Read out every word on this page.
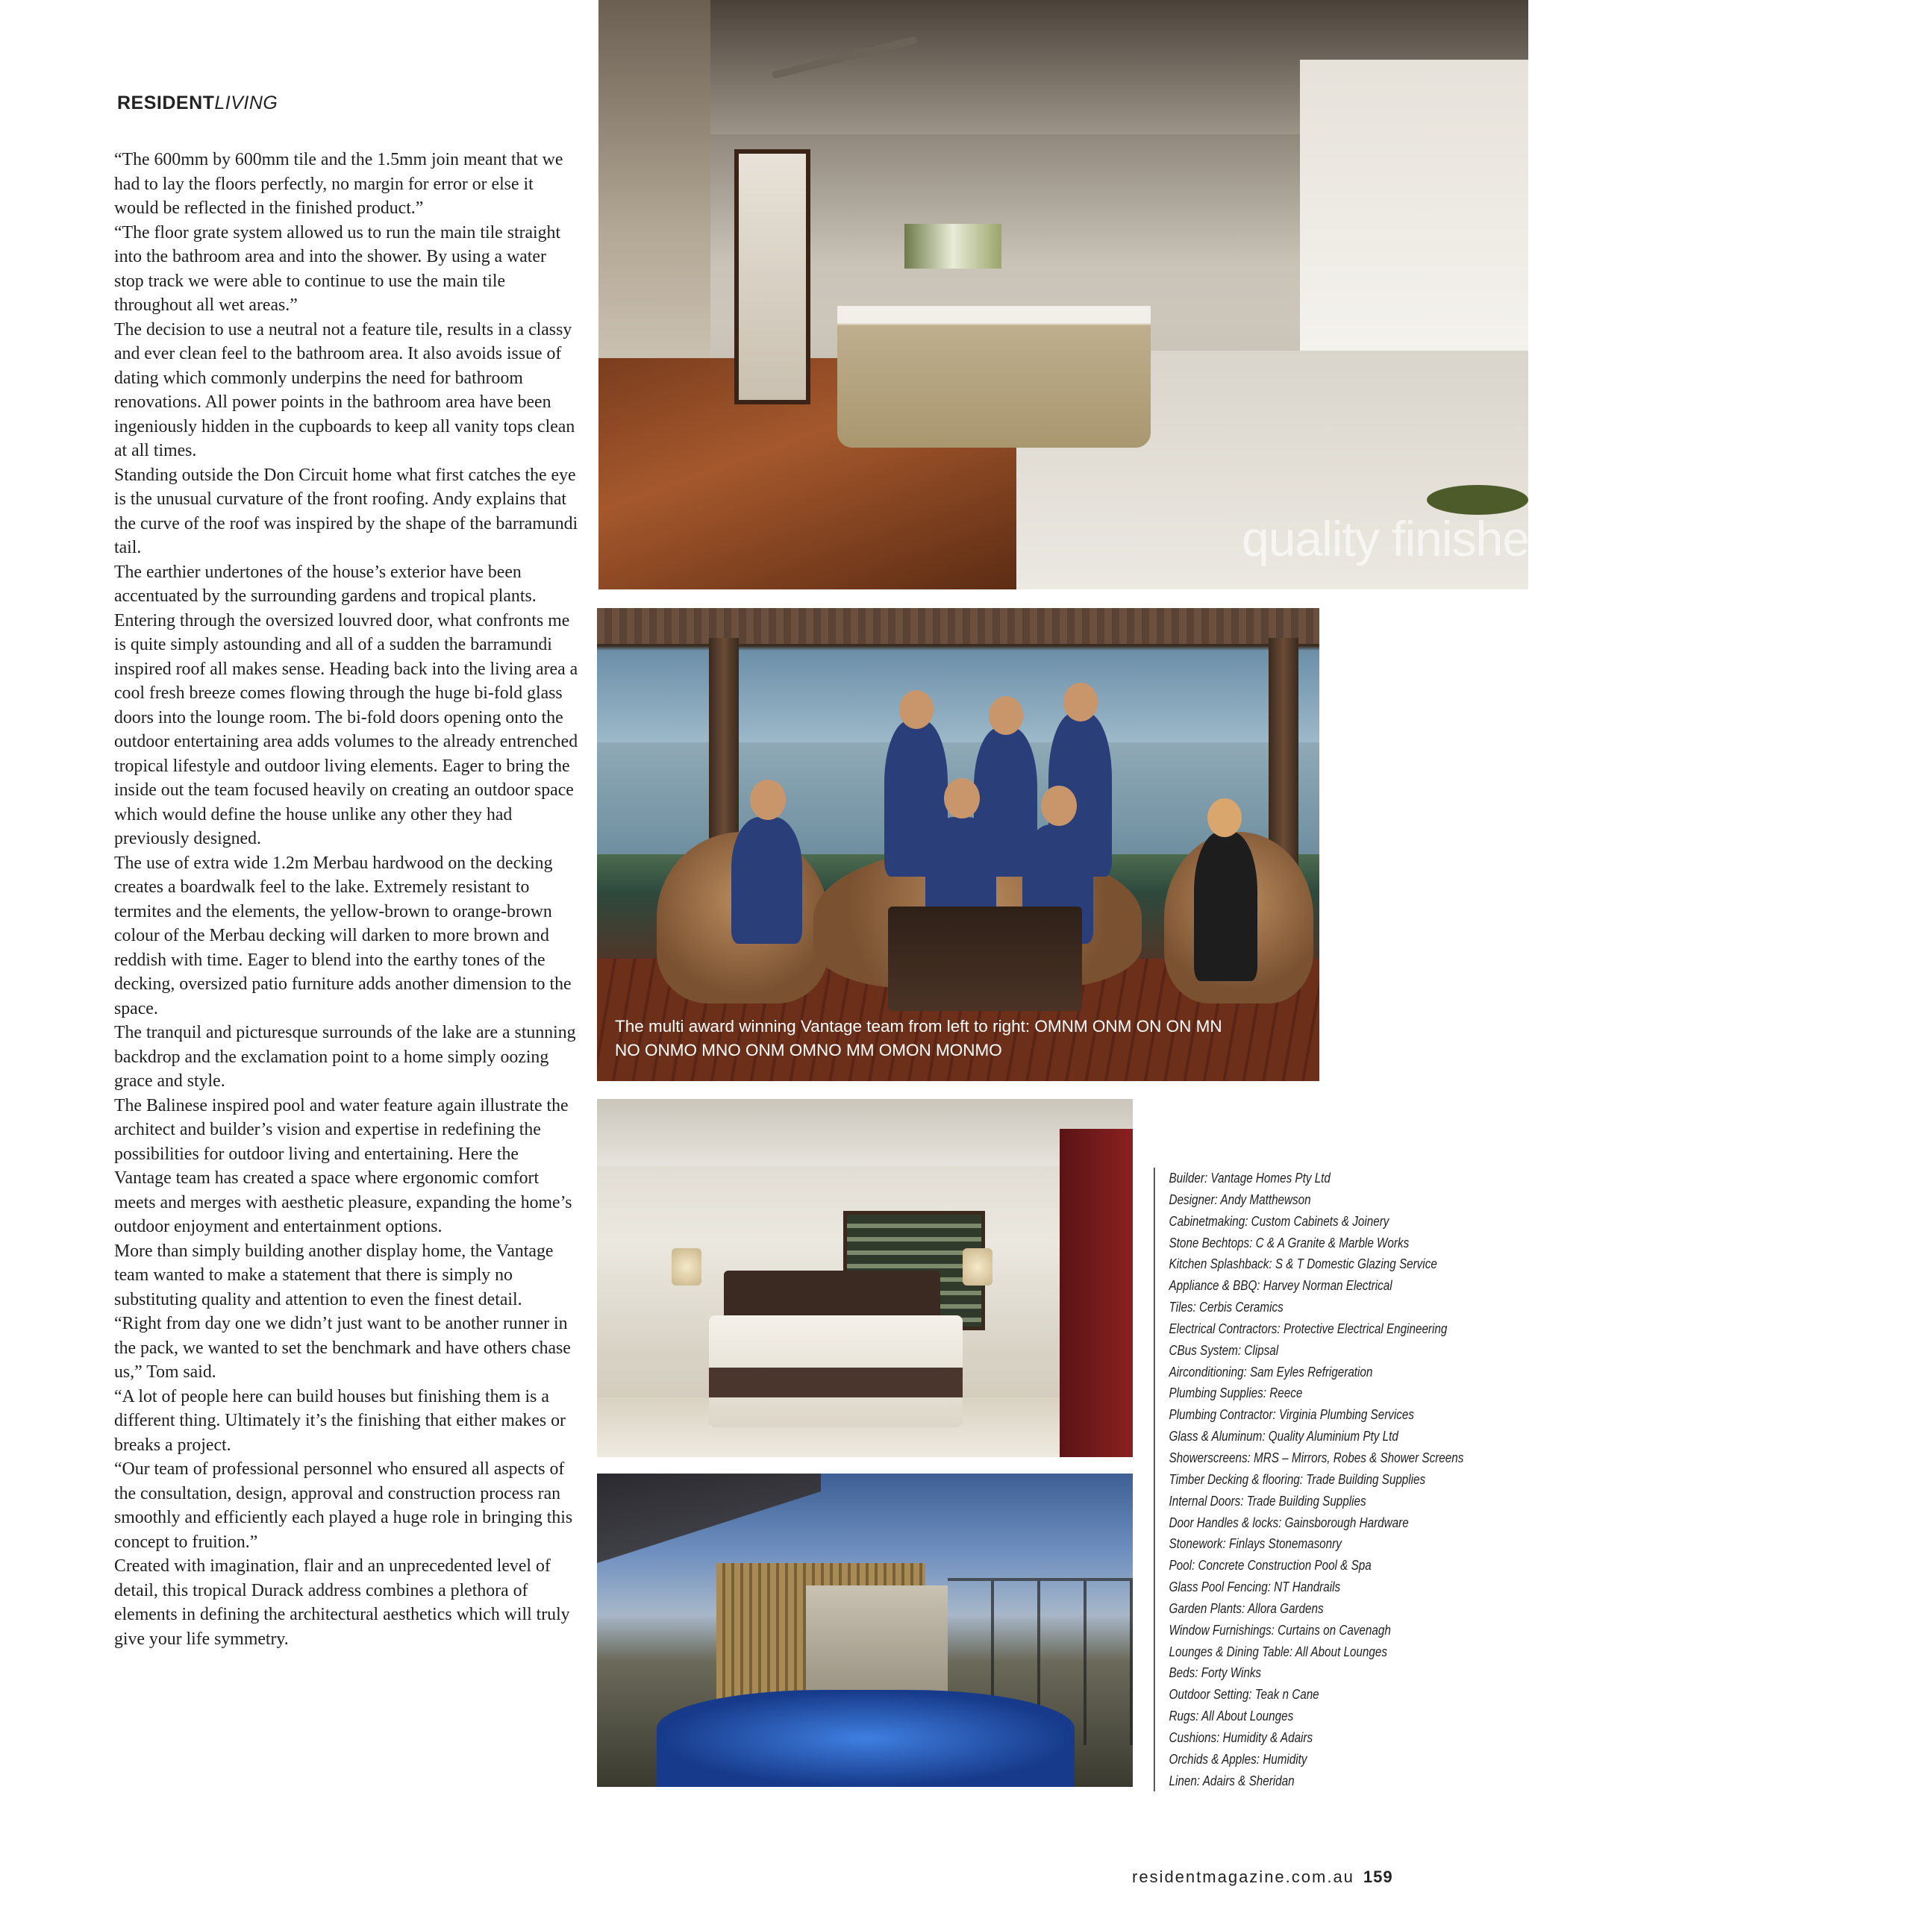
RESIDENTLIVING

“The 600mm by 600mm tile and the 1.5mm join meant that we had to lay the floors perfectly, no margin for error or else it would be reflected in the finished product.”

“The floor grate system allowed us to run the main tile straight into the bathroom area and into the shower. By using a water stop track we were able to continue to use the main tile throughout all wet areas.”

The decision to use a neutral not a feature tile, results in a classy and ever clean feel to the bathroom area. It also avoids issue of dating which commonly underpins the need for bathroom renovations. All power points in the bathroom area have been ingeniously hidden in the cupboards to keep all vanity tops clean at all times.

Standing outside the Don Circuit home what first catches the eye is the unusual curvature of the front roofing. Andy explains that the curve of the roof was inspired by the shape of the barramundi tail.

The earthier undertones of the house’s exterior have been accentuated by the surrounding gardens and tropical plants.

Entering through the oversized louvred door, what confronts me is quite simply astounding and all of a sudden the barramundi inspired roof all makes sense. Heading back into the living area a cool fresh breeze comes flowing through the huge bi-fold glass doors into the lounge room. The bi-fold doors opening onto the outdoor entertaining area adds volumes to the already entrenched tropical lifestyle and outdoor living elements. Eager to bring the inside out the team focused heavily on creating an outdoor space which would define the house unlike any other they had previously designed.

The use of extra wide 1.2m Merbau hardwood on the decking creates a boardwalk feel to the lake. Extremely resistant to termites and the elements, the yellow-brown to orange-brown colour of the Merbau decking will darken to more brown and reddish with time. Eager to blend into the earthy tones of the decking, oversized patio furniture adds another dimension to the space.

The tranquil and picturesque surrounds of the lake are a stunning backdrop and the exclamation point to a home simply oozing grace and style.

The Balinese inspired pool and water feature again illustrate the architect and builder’s vision and expertise in redefining the possibilities for outdoor living and entertaining. Here the Vantage team has created a space where ergonomic comfort meets and merges with aesthetic pleasure, expanding the home’s outdoor enjoyment and entertainment options.

More than simply building another display home, the Vantage team wanted to make a statement that there is simply no substituting quality and attention to even the finest detail.

“Right from day one we didn’t just want to be another runner in the pack, we wanted to set the benchmark and have others chase us,” Tom said.

“A lot of people here can build houses but finishing them is a different thing. Ultimately it’s the finishing that either makes or breaks a project.

“Our team of professional personnel who ensured all aspects of the consultation, design, approval and construction process ran smoothly and efficiently each played a huge role in bringing this concept to fruition.”

Created with imagination, flair and an unprecedented level of detail, this tropical Durack address combines a plethora of elements in defining the architectural aesthetics which will truly give your life symmetry.

quality finishes and craftmanship
The multi award winning Vantage team from left to right: OMNM ONM ON ON MN
NO ONMO MNO ONM OMNO MM OMON MONMO
Builder: Vantage Homes Pty Ltd
Designer: Andy Matthewson
Cabinetmaking: Custom Cabinets & Joinery
Stone Bechtops: C & A Granite & Marble Works
Kitchen Splashback: S & T Domestic Glazing Service
Appliance & BBQ: Harvey Norman Electrical
Tiles: Cerbis Ceramics
Electrical Contractors: Protective Electrical Engineering
CBus System: Clipsal
Airconditioning: Sam Eyles Refrigeration
Plumbing Supplies: Reece
Plumbing Contractor: Virginia Plumbing Services
Glass & Aluminum: Quality Aluminium Pty Ltd
Showerscreens: MRS – Mirrors, Robes & Shower Screens
Timber Decking & flooring: Trade Building Supplies
Internal Doors: Trade Building Supplies
Door Handles & locks: Gainsborough Hardware
Stonework: Finlays Stonemasonry
Pool: Concrete Construction Pool & Spa
Glass Pool Fencing: NT Handrails
Garden Plants: Allora Gardens
Window Furnishings: Curtains on Cavenagh
Lounges & Dining Table: All About Lounges
Beds: Forty Winks
Outdoor Setting: Teak n Cane
Rugs: All About Lounges
Cushions: Humidity & Adairs
Orchids & Apples: Humidity
Linen: Adairs & Sheridan
residentmagazine.com.au 159
